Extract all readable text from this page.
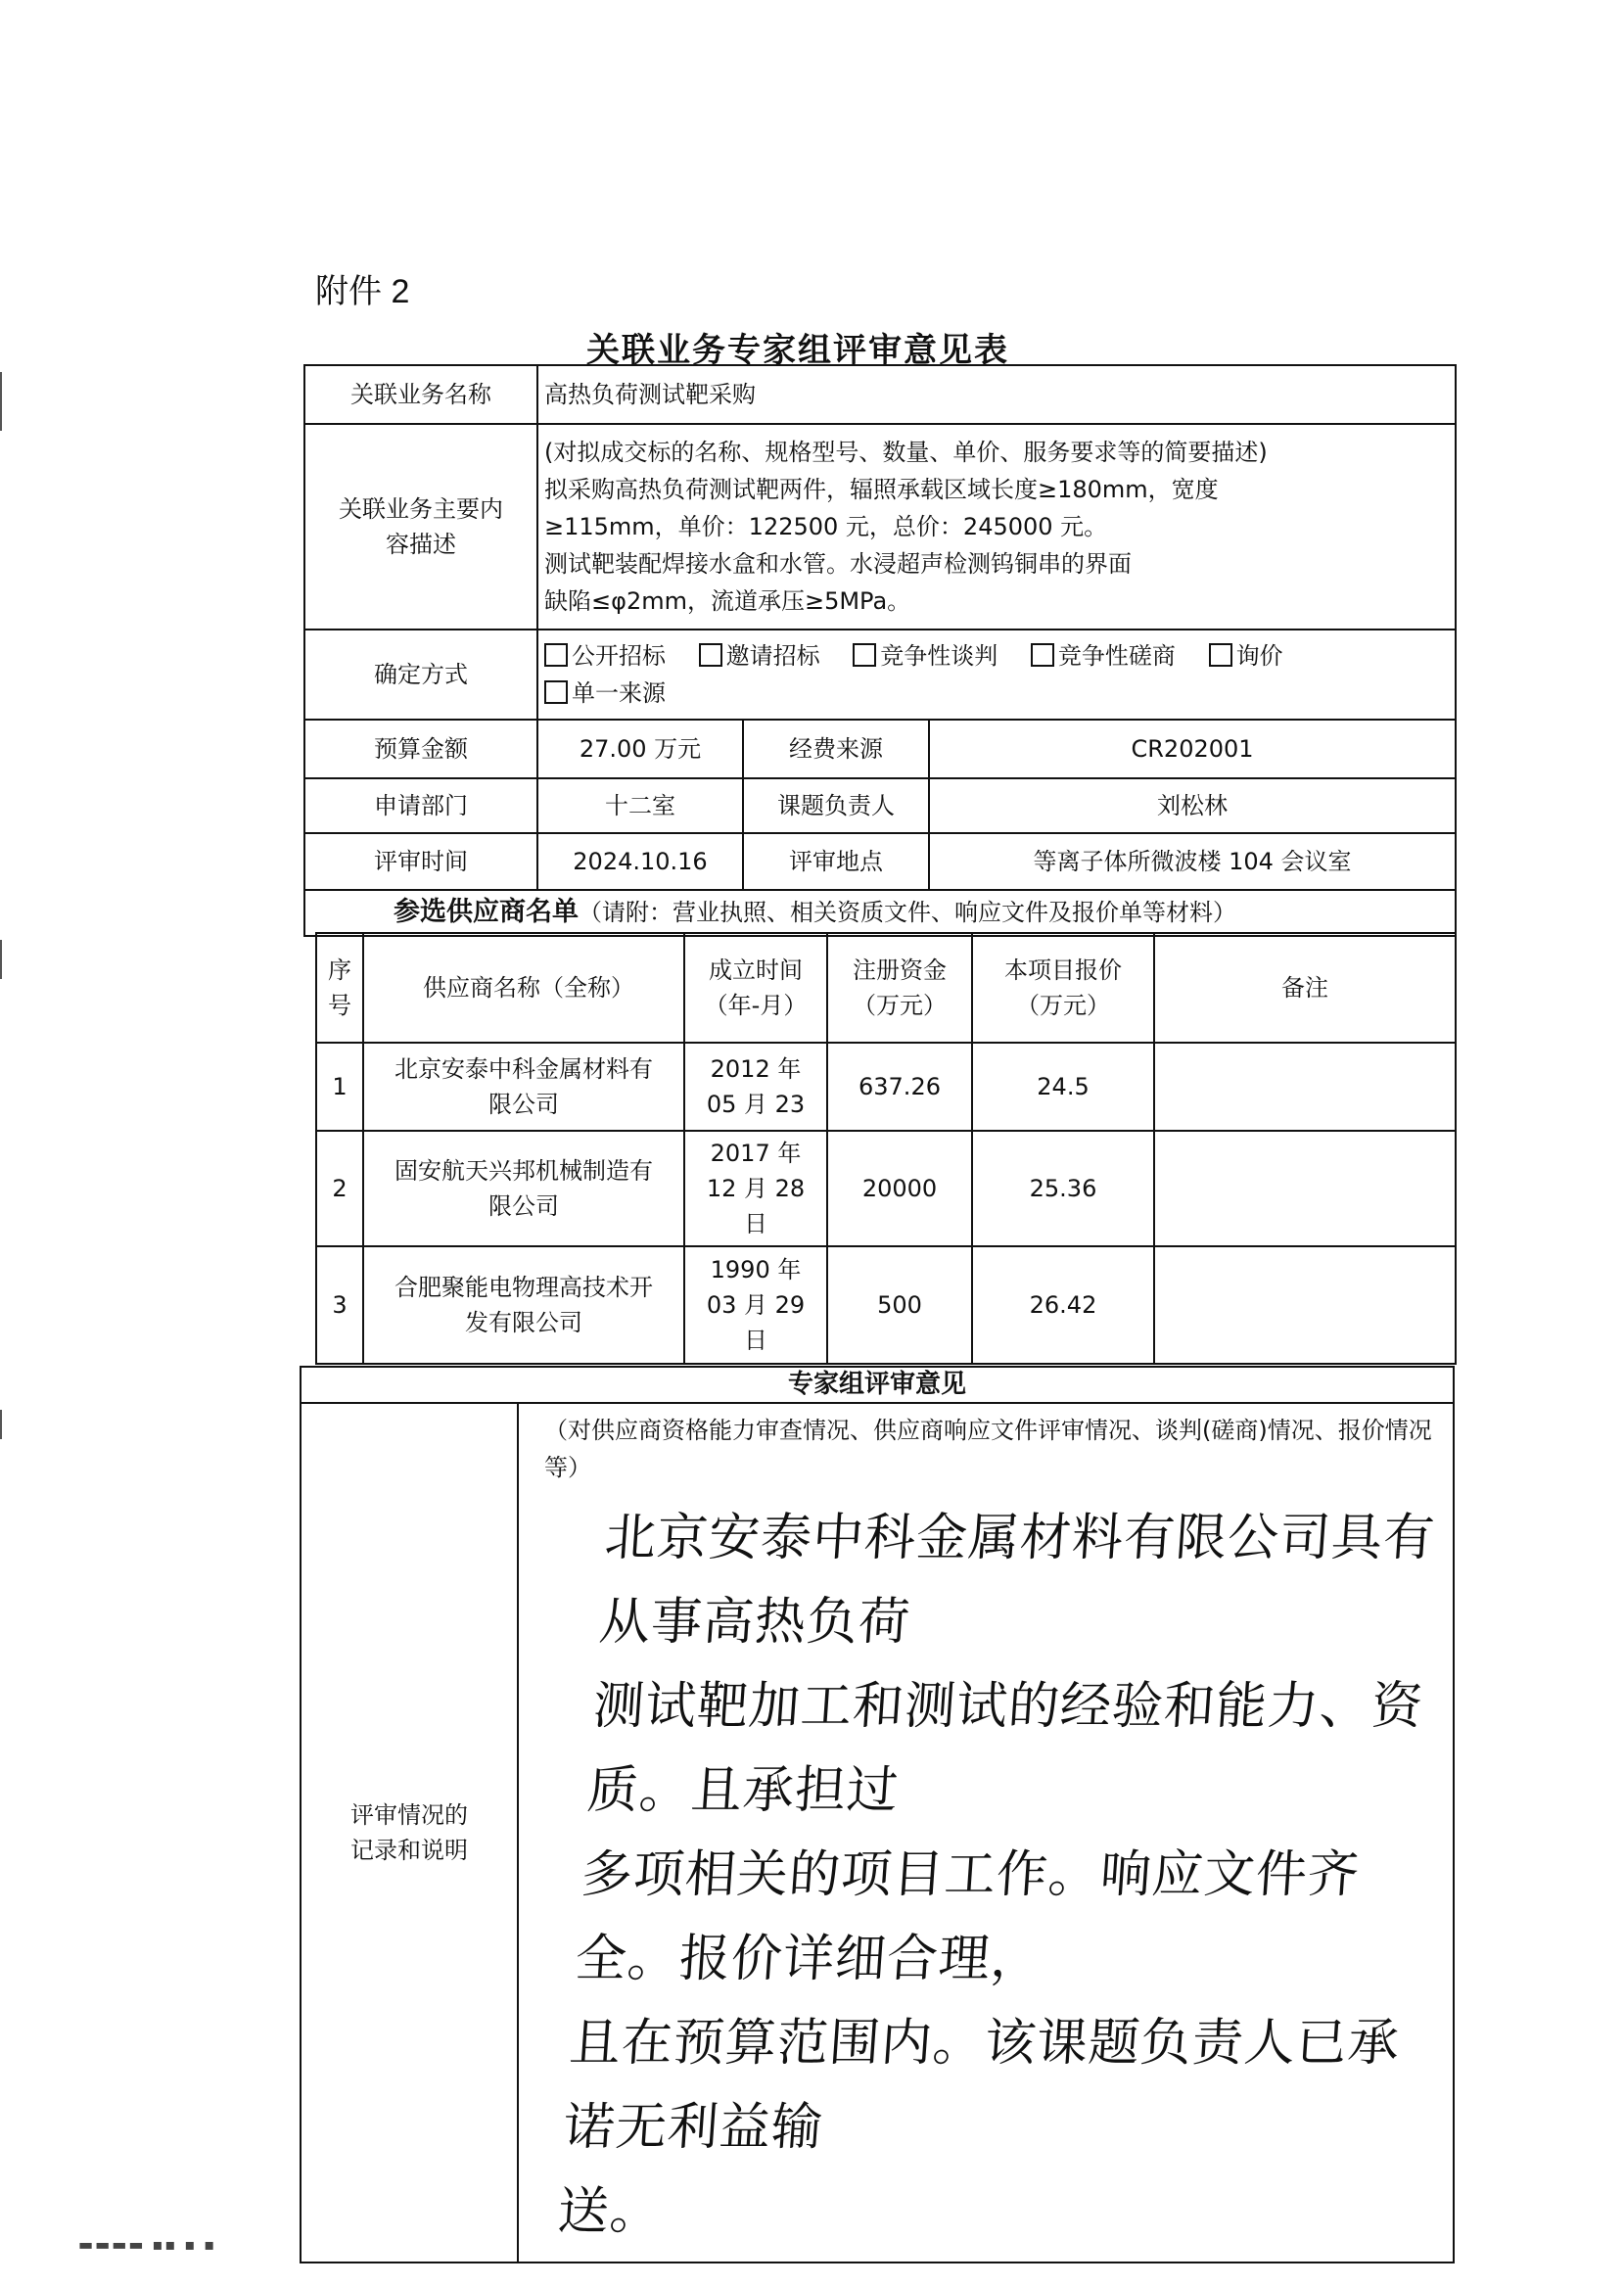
附件 2
关联业务专家组评审意见表
关联业务名称	高热负荷测试靶采购		
关联业务主要内容描述	(对拟成交标的名称、规格型号、数量、单价、服务要求等的简要描述)
拟采购高热负荷测试靶两件，辐照承载区域长度≥180mm，宽度
≥115mm，单价：122500 元，总价：245000 元。
测试靶装配焊接水盒和水管。水浸超声检测钨铜串的界面
缺陷≤φ2mm，流道承压≥5MPa。		

确定方式	公开招标 邀请招标 竞争性谈判 竞争性磋商 询价
单一来源		
预算金额	27.00 万元	经费来源	CR202001
申请部门	十二室	课题负责人	刘松林
评审时间	2024.10.16	评审地点	等离子体所微波楼 104 会议室
参选供应商名单（请附：营业执照、相关资质文件、响应文件及报价单等材料）			
序号	供应商名称（全称）	成立时间（年-月）	注册资金（万元）	本项目报价（万元）	备注
1	北京安泰中科金属材料有限公司	2012 年 05 月 23	637.26	24.5	
2	固安航天兴邦机械制造有限公司	2017 年 12 月 28 日	20000	25.36	
3	合肥聚能电物理高技术开发有限公司	1990 年 03 月 29 日	500	26.42	
专家组评审意见
评审情况的记录和说明	
（对供应商资格能力审查情况、供应商响应文件评审情况、谈判(磋商)情况、报价情况等）
北京安泰中科金属材料有限公司具有从事高热负荷
测试靶加工和测试的经验和能力、资质。且承担过
多项相关的项目工作。响应文件齐全。报价详细合理，
且在预算范围内。该课题负责人已承诺无利益输
送。
▬▬▬▬ ▪▪ ▪ ▪
